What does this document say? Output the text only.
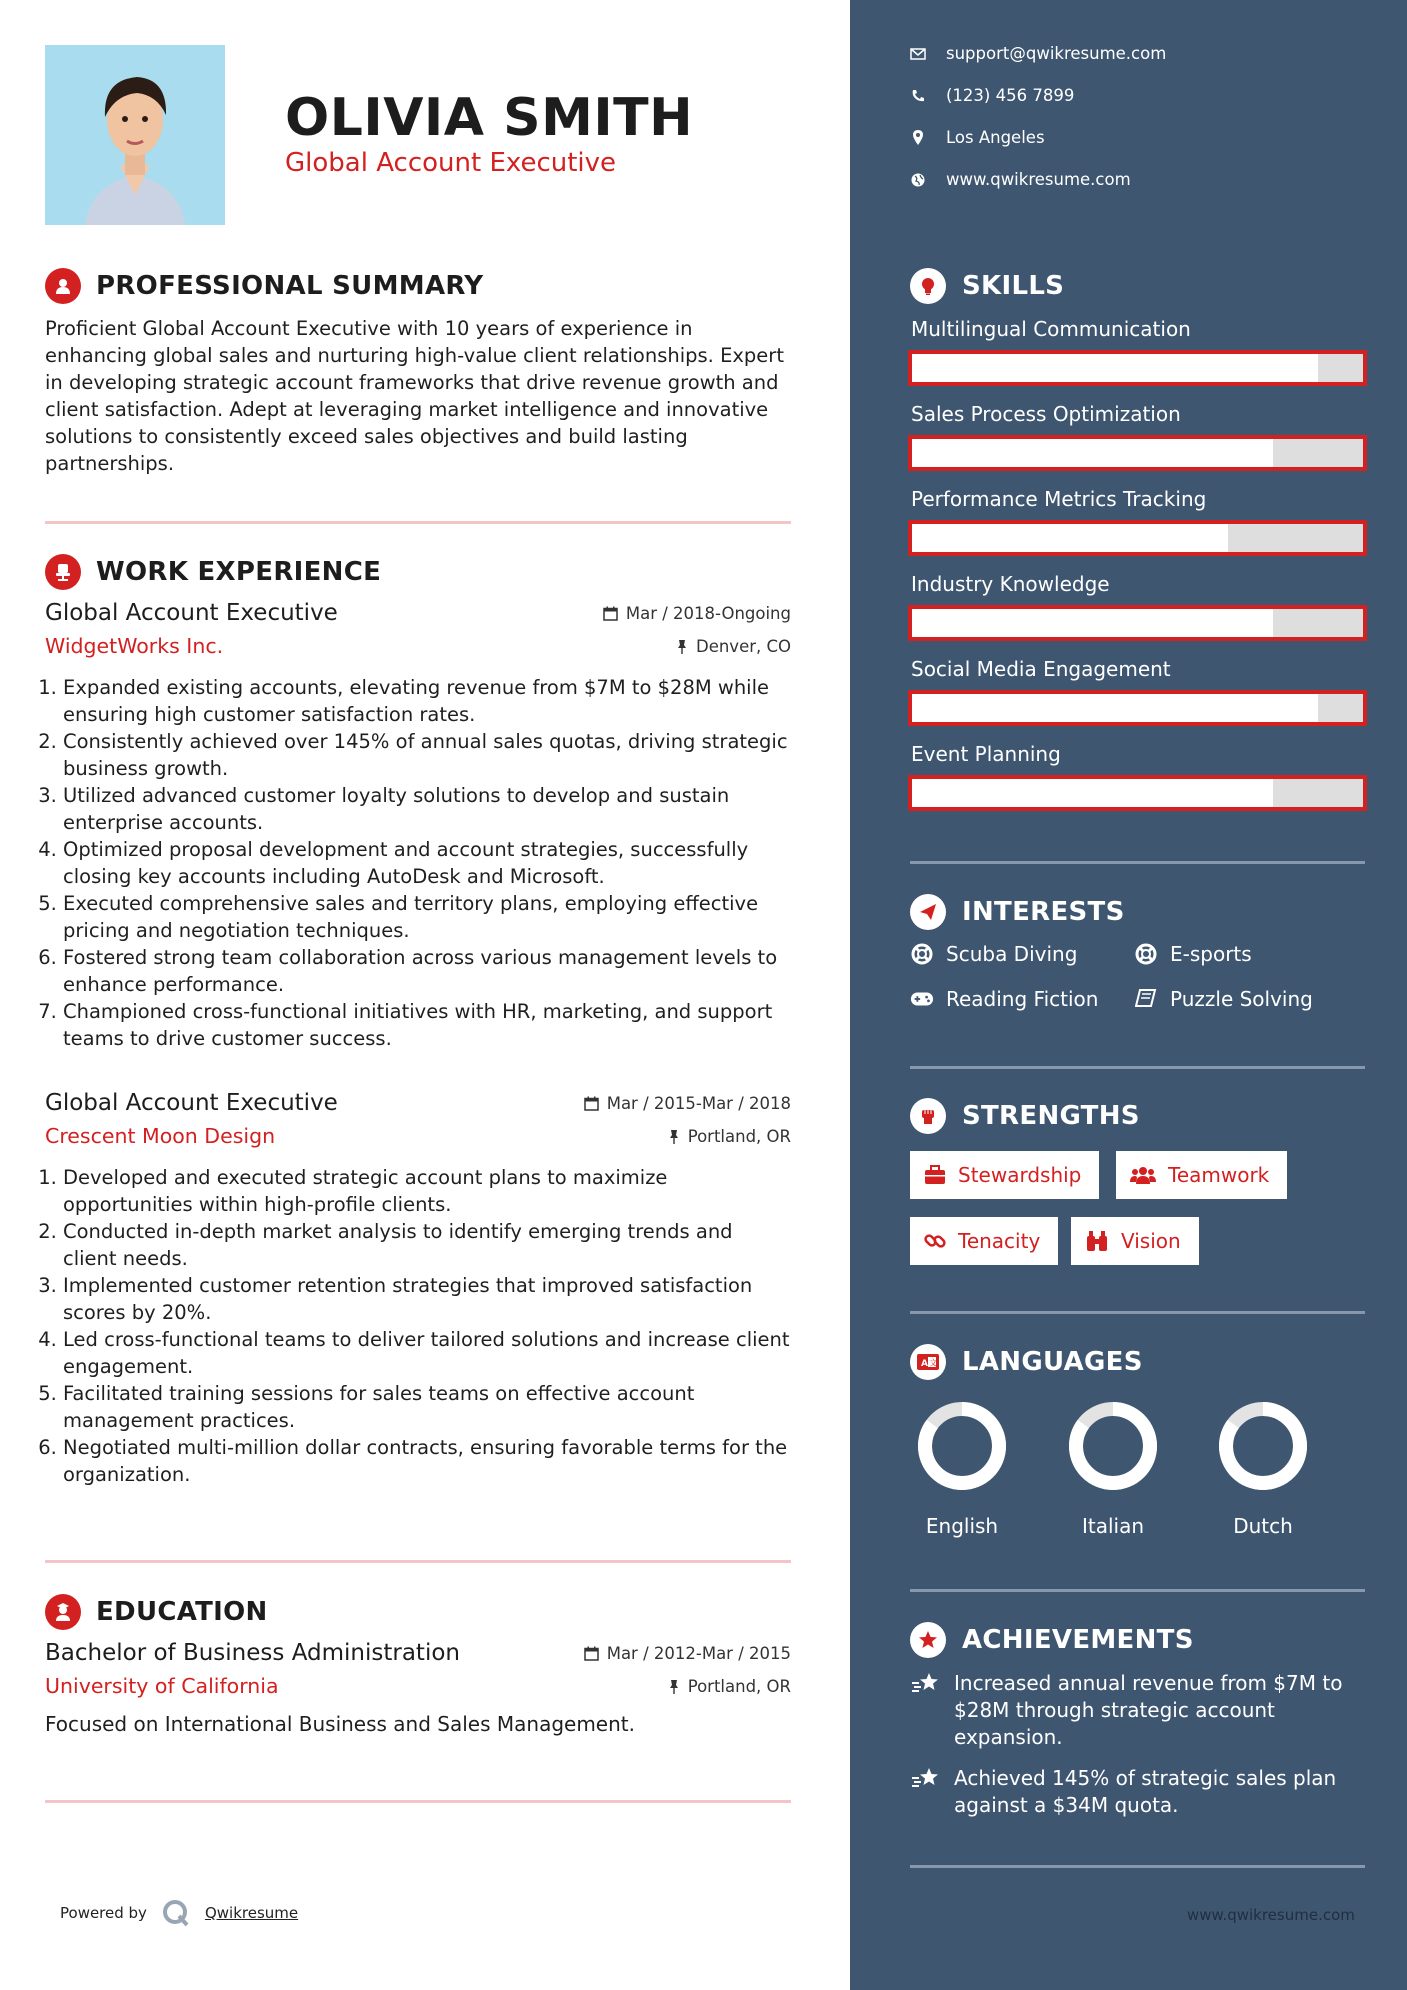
OLIVIA SMITH
Global Account Executive
PROFESSIONAL SUMMARY
Proficient Global Account Executive with 10 years of experience in enhancing global sales and nurturing high-value client relationships. Expert in developing strategic account frameworks that drive revenue growth and client satisfaction. Adept at leveraging market intelligence and innovative solutions to consistently exceed sales objectives and build lasting partnerships.
WORK EXPERIENCE
Global Account Executive	Mar / 2018-Ongoing
WidgetWorks Inc.	Denver, CO
1. Expanded existing accounts, elevating revenue from $7M to $28M while ensuring high customer satisfaction rates.
2. Consistently achieved over 145% of annual sales quotas, driving strategic business growth.
3. Utilized advanced customer loyalty solutions to develop and sustain enterprise accounts.
4. Optimized proposal development and account strategies, successfully closing key accounts including AutoDesk and Microsoft.
5. Executed comprehensive sales and territory plans, employing effective pricing and negotiation techniques.
6. Fostered strong team collaboration across various management levels to enhance performance.
7. Championed cross-functional initiatives with HR, marketing, and support teams to drive customer success.
Global Account Executive	Mar / 2015-Mar / 2018
Crescent Moon Design	Portland, OR
1. Developed and executed strategic account plans to maximize opportunities within high-profile clients.
2. Conducted in-depth market analysis to identify emerging trends and client needs.
3. Implemented customer retention strategies that improved satisfaction scores by 20%.
4. Led cross-functional teams to deliver tailored solutions and increase client engagement.
5. Facilitated training sessions for sales teams on effective account management practices.
6. Negotiated multi-million dollar contracts, ensuring favorable terms for the organization.
EDUCATION
Bachelor of Business Administration	Mar / 2012-Mar / 2015
University of California	Portland, OR
Focused on International Business and Sales Management.
Powered by	Qwikresume
support@qwikresume.com
(123) 456 7899
Los Angeles
www.qwikresume.com
SKILLS
Multilingual Communication
Sales Process Optimization
Performance Metrics Tracking
Industry Knowledge
Social Media Engagement
Event Planning
INTERESTS
Scuba Diving	E-sports
Reading Fiction	Puzzle Solving
STRENGTHS
Stewardship	Teamwork
Tenacity	Vision
A 文 LANGUAGES
English	Italian	Dutch
ACHIEVEMENTS
Increased annual revenue from $7M to $28M through strategic account expansion.
Achieved 145% of strategic sales plan against a $34M quota.
www.qwikresume.com
